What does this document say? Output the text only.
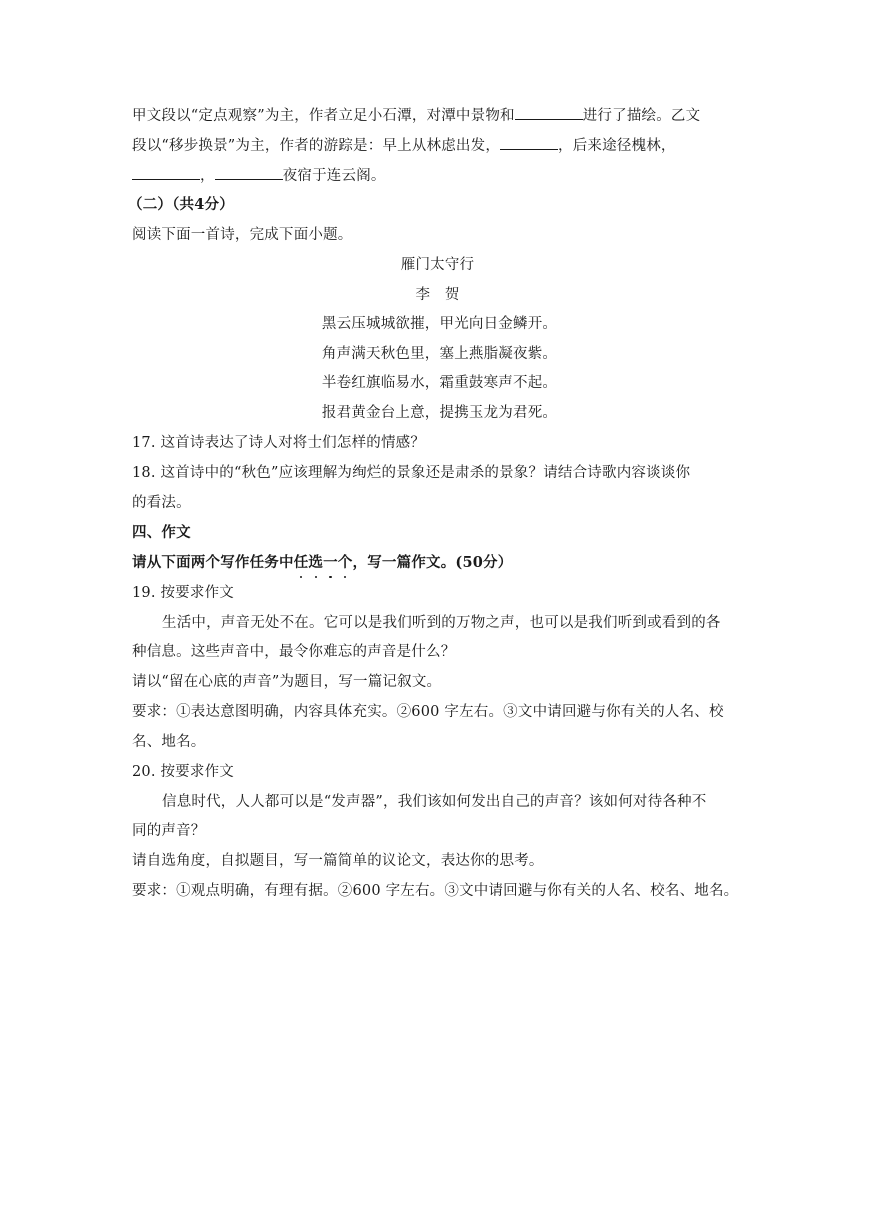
甲文段以“定点观察”为主，作者立足小石潭，对潭中景物和	进行了描绘。乙文
段以“移步换景”为主，作者的游踪是：早上从林虑出发，	，后来途径槐林，
，	夜宿于连云阁。
（二）（共4分）
阅读下面一首诗，完成下面小题。
雁门太守行
李　贺
黑云压城城欲摧，甲光向日金鳞开。
角声满天秋色里，塞上燕脂凝夜紫。
半卷红旗临易水，霜重鼓寒声不起。
报君黄金台上意，提携玉龙为君死。
17. 这首诗表达了诗人对将士们怎样的情感？
18. 这首诗中的“秋色”应该理解为绚烂的景象还是肃杀的景象？请结合诗歌内容谈谈你
的看法。
四、作文
请从下面两个写作任务中任选一个，写一篇作文。(50分）
19. 按要求作文
生活中，声音无处不在。它可以是我们听到的万物之声，也可以是我们听到或看到的各
种信息。这些声音中，最令你难忘的声音是什么？
请以“留在心底的声音”为题目，写一篇记叙文。
要求：①表达意图明确，内容具体充实。②600 字左右。③文中请回避与你有关的人名、校
名、地名。
20. 按要求作文
信息时代，人人都可以是“发声器”，我们该如何发出自己的声音？该如何对待各种不
同的声音？
请自选角度，自拟题目，写一篇简单的议论文，表达你的思考。
要求：①观点明确，有理有据。②600 字左右。③文中请回避与你有关的人名、校名、地名。
